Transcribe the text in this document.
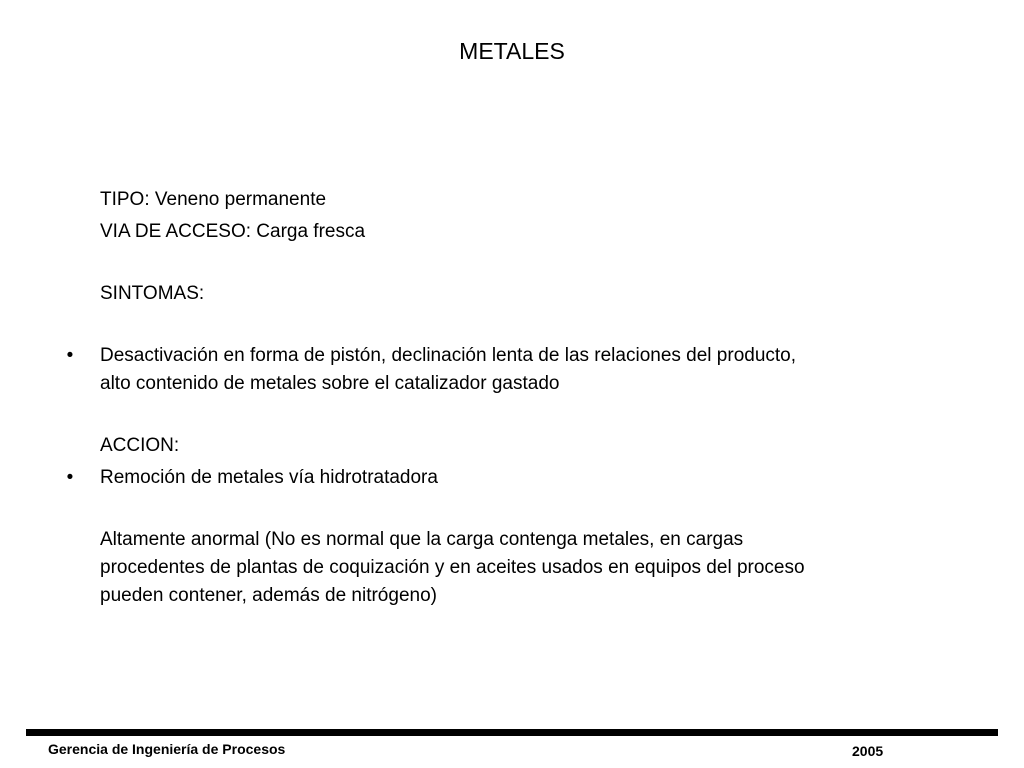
METALES

TIPO: Veneno permanente

VIA DE ACCESO: Carga fresca

SINTOMAS:

•	Desactivación en forma de pistón, declinación lenta de las relaciones del producto,

alto contenido de metales sobre el catalizador gastado

ACCION:

•	Remoción de metales vía hidrotratadora

Altamente anormal (No es normal que la carga contenga metales, en cargas

procedentes de plantas de coquización y en aceites usados en equipos del proceso

pueden contener, además de nitrógeno)

Gerencia de Ingeniería de Procesos	2005
